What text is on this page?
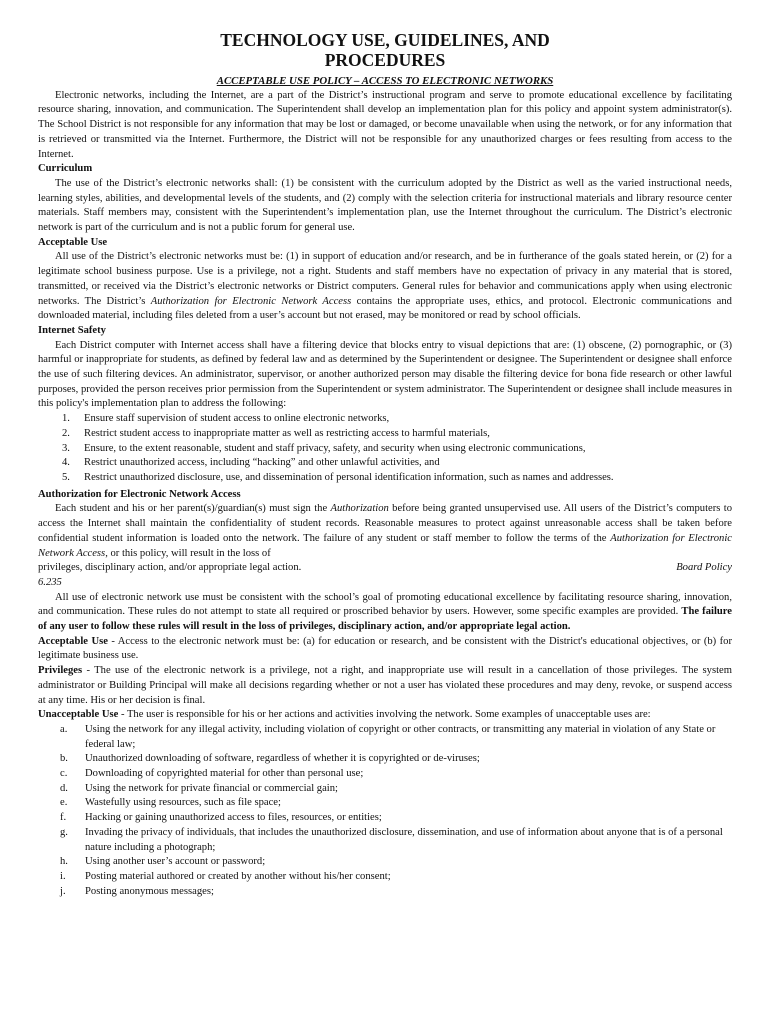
TECHNOLOGY USE, GUIDELINES, AND
PROCEDURES
ACCEPTABLE USE POLICY – ACCESS TO ELECTRONIC NETWORKS

Electronic networks, including the Internet, are a part of the District’s instructional program and serve to promote educational excellence by facilitating resource sharing, innovation, and communication. The Superintendent shall develop an implementation plan for this policy and appoint system administrator(s). The School District is not responsible for any information that may be lost or damaged, or become unavailable when using the network, or for any information that is retrieved or transmitted via the Internet. Furthermore, the District will not be responsible for any unauthorized charges or fees resulting from access to the Internet.

Curriculum

The use of the District’s electronic networks shall: (1) be consistent with the curriculum adopted by the District as well as the varied instructional needs, learning styles, abilities, and developmental levels of the students, and (2) comply with the selection criteria for instructional materials and library resource center materials. Staff members may, consistent with the Superintendent’s implementation plan, use the Internet throughout the curriculum. The District’s electronic network is part of the curriculum and is not a public forum for general use.

Acceptable Use

All use of the District’s electronic networks must be: (1) in support of education and/or research, and be in furtherance of the goals stated herein, or (2) for a legitimate school business purpose. Use is a privilege, not a right. Students and staff members have no expectation of privacy in any material that is stored, transmitted, or received via the District’s electronic networks or District computers. General rules for behavior and communications apply when using electronic networks. The District’s Authorization for Electronic Network Access contains the appropriate uses, ethics, and protocol. Electronic communications and downloaded material, including files deleted from a user’s account but not erased, may be monitored or read by school officials.

Internet Safety

Each District computer with Internet access shall have a filtering device that blocks entry to visual depictions that are: (1) obscene, (2) pornographic, or (3) harmful or inappropriate for students, as defined by federal law and as determined by the Superintendent or designee. The Superintendent or designee shall enforce the use of such filtering devices. An administrator, supervisor, or another authorized person may disable the filtering device for bona fide research or other lawful purposes, provided the person receives prior permission from the Superintendent or system administrator. The Superintendent or designee shall include measures in this policy's implementation plan to address the following:

1.	Ensure staff supervision of student access to online electronic networks,
2.	Restrict student access to inappropriate matter as well as restricting access to harmful materials,
3.	Ensure, to the extent reasonable, student and staff privacy, safety, and security when using electronic communications,
4.	Restrict unauthorized access, including “hacking” and other unlawful activities, and
5.	Restrict unauthorized disclosure, use, and dissemination of personal identification information, such as names and addresses.
Authorization for Electronic Network Access

Each student and his or her parent(s)/guardian(s) must sign the Authorization before being granted unsupervised use. All users of the District’s computers to access the Internet shall maintain the confidentiality of student records. Reasonable measures to protect against unreasonable access shall be taken before confidential student information is loaded onto the network. The failure of any student or staff member to follow the terms of the Authorization for Electronic Network Access, or this policy, will result in the loss of

privileges, disciplinary action, and/or appropriate legal action.	Board Policy
6.235

All use of electronic network use must be consistent with the school’s goal of promoting educational excellence by facilitating resource sharing, innovation, and communication. These rules do not attempt to state all required or proscribed behavior by users. However, some specific examples are provided. The failure of any user to follow these rules will result in the loss of privileges, disciplinary action, and/or appropriate legal action.

Acceptable Use - Access to the electronic network must be: (a) for education or research, and be consistent with the District's educational objectives, or (b) for legitimate business use.

Privileges - The use of the electronic network is a privilege, not a right, and inappropriate use will result in a cancellation of those privileges. The system administrator or Building Principal will make all decisions regarding whether or not a user has violated these procedures and may deny, revoke, or suspend access at any time. His or her decision is final.

Unacceptable Use - The user is responsible for his or her actions and activities involving the network. Some examples of unacceptable uses are:

a.	Using the network for any illegal activity, including violation of copyright or other contracts, or transmitting any material in violation of any State or federal law;
b.	Unauthorized downloading of software, regardless of whether it is copyrighted or de-viruses;
c.	Downloading of copyrighted material for other than personal use;
d.	Using the network for private financial or commercial gain;
e.	Wastefully using resources, such as file space;
f.	Hacking or gaining unauthorized access to files, resources, or entities;
g.	Invading the privacy of individuals, that includes the unauthorized disclosure, dissemination, and use of information about anyone that is of a personal nature including a photograph;
h.	Using another user’s account or password;
i.	Posting material authored or created by another without his/her consent;
j.	Posting anonymous messages;
